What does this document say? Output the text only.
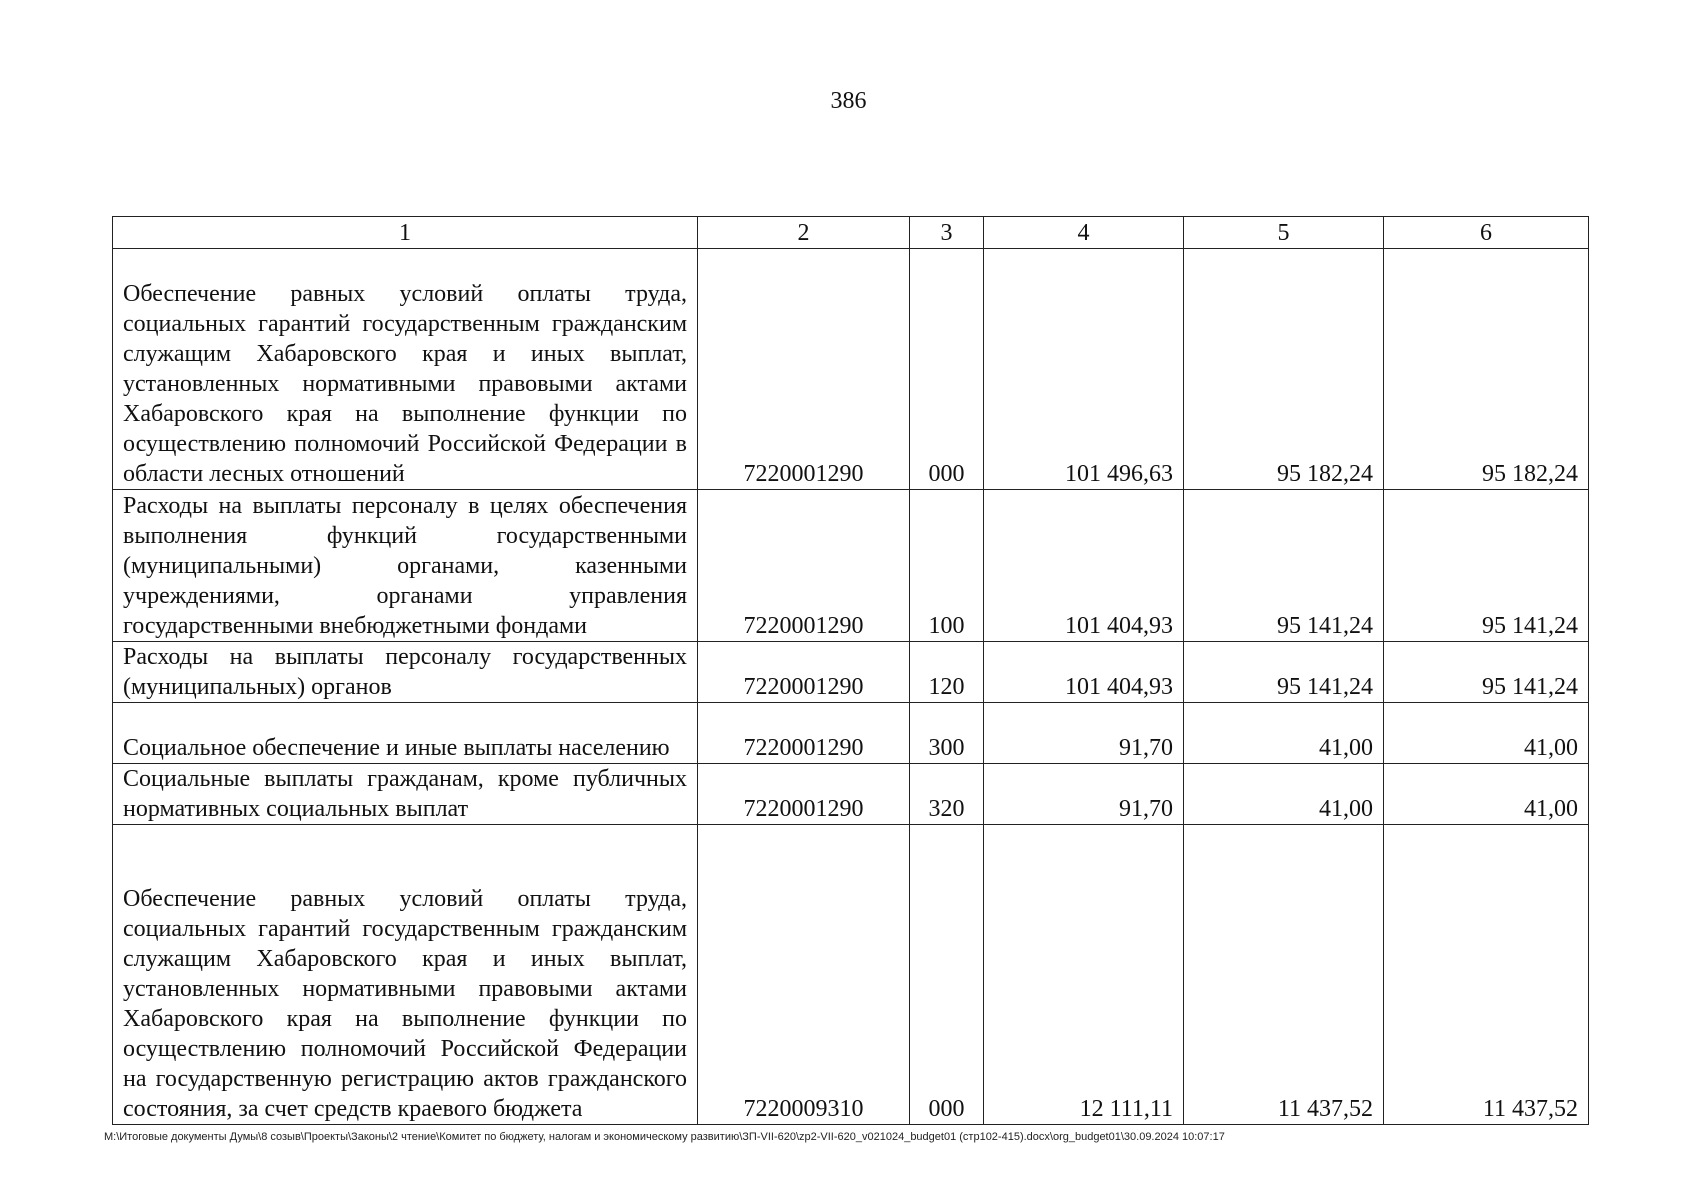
386
1	2	3	4	5	6
Обеспечение равных условий оплаты труда, социальных гарантий государственным гражданским служащим Хабаровского края и иных выплат, установленных нормативными правовыми актами Хабаровского края на выполнение функции по осуществлению полномочий Российской Федерации в области лесных отношений	7220001290	000	101 496,63	95 182,24	95 182,24
Расходы на выплаты персоналу в целях обеспечения выполнения функций государственными (муниципальными) органами, казенными учреждениями, органами управления государственными внебюджетными фондами	7220001290	100	101 404,93	95 141,24	95 141,24
Расходы на выплаты персоналу государственных (муниципальных) органов	7220001290	120	101 404,93	95 141,24	95 141,24
Социальное обеспечение и иные выплаты населению	7220001290	300	91,70	41,00	41,00
Социальные выплаты гражданам, кроме публичных нормативных социальных выплат	7220001290	320	91,70	41,00	41,00
Обеспечение равных условий оплаты труда, социальных гарантий государственным гражданским служащим Хабаровского края и иных выплат, установленных нормативными правовыми актами Хабаровского края на выполнение функции по осуществлению полномочий Российской Федерации на государственную регистрацию актов гражданского состояния, за счет средств краевого бюджета	7220009310	000	12 111,11	11 437,52	11 437,52
М:\Итоговые документы Думы\8 созыв\Проекты\Законы\2 чтение\Комитет по бюджету, налогам и экономическому развитию\ЗП-VII-620\zp2-VII-620_v021024_budget01 (стр102-415).docx\org_budget01\30.09.2024 10:07:17
